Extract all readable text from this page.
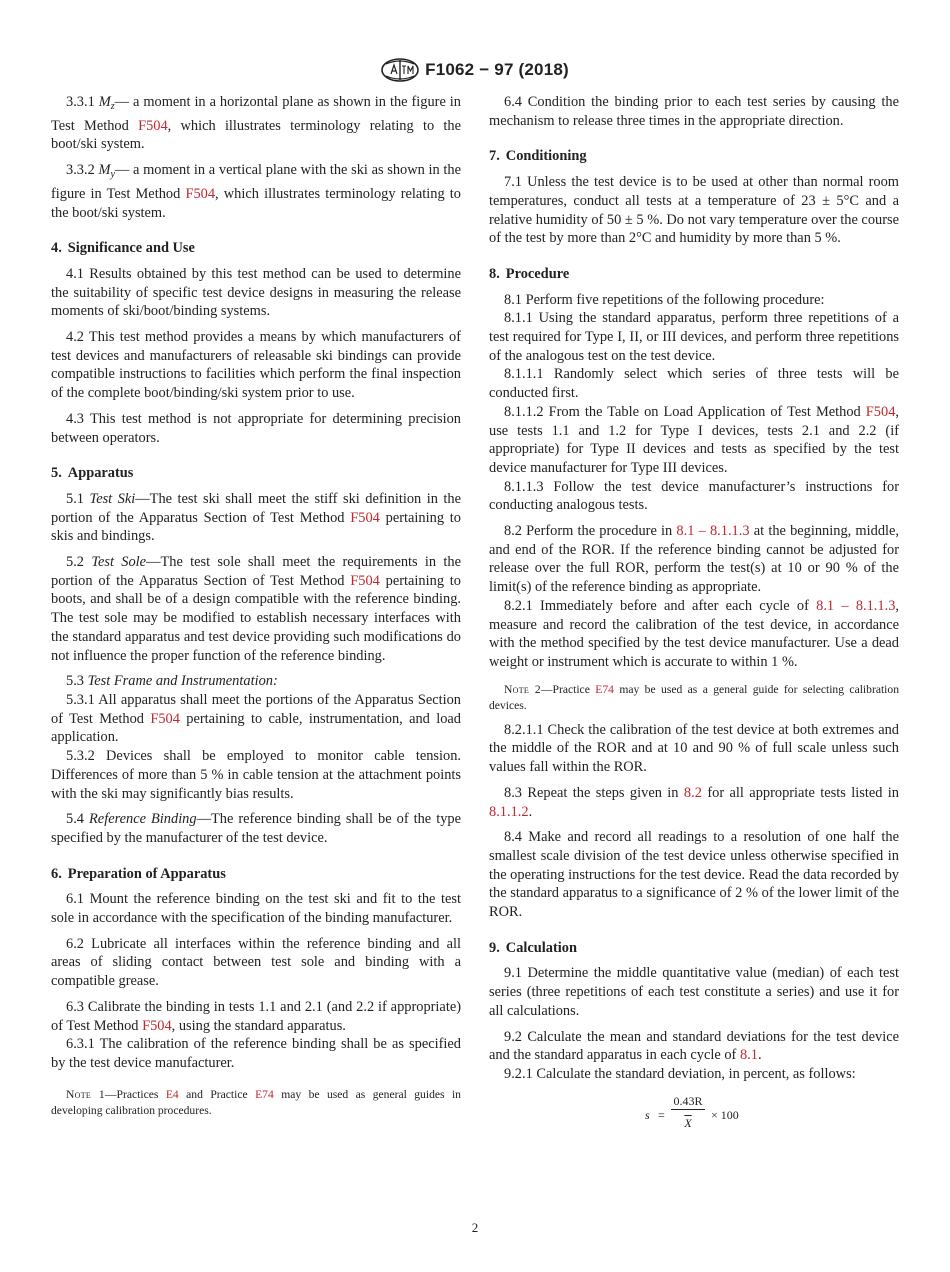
F1062 − 97 (2018)

3.3.1 $M_z—$ a moment in a horizontal plane as shown in the figure in Test Method F504, which illustrates terminology relating to the boot/ski system.

3.3.2 $M_y—$ a moment in a vertical plane with the ski as shown in the figure in Test Method F504, which illustrates terminology relating to the boot/ski system.

4. Significance and Use

4.1 Results obtained by this test method can be used to determine the suitability of specific test device designs in measuring the release moments of ski/boot/binding systems.

4.2 This test method provides a means by which manufacturers of test devices and manufacturers of releasable ski bindings can provide compatible instructions to facilities which perform the final inspection of the complete boot/binding/ski system prior to use.

4.3 This test method is not appropriate for determining precision between operators.

5. Apparatus

5.1 Test Ski—The test ski shall meet the stiff ski definition in the portion of the Apparatus Section of Test Method F504 pertaining to skis and bindings.

5.2 Test Sole—The test sole shall meet the requirements in the portion of the Apparatus Section of Test Method F504 pertaining to boots, and shall be of a design compatible with the reference binding. The test sole may be modified to establish necessary interfaces with the standard apparatus and test device providing such modifications do not influence the proper function of the reference binding.

5.3 Test Frame and Instrumentation:

5.3.1 All apparatus shall meet the portions of the Apparatus Section of Test Method F504 pertaining to cable, instrumentation, and load application.

5.3.2 Devices shall be employed to monitor cable tension. Differences of more than 5 % in cable tension at the attachment points with the ski may significantly bias results.

5.4 Reference Binding—The reference binding shall be of the type specified by the manufacturer of the test device.

6. Preparation of Apparatus

6.1 Mount the reference binding on the test ski and fit to the test sole in accordance with the specification of the binding manufacturer.

6.2 Lubricate all interfaces within the reference binding and all areas of sliding contact between test sole and binding with a compatible grease.

6.3 Calibrate the binding in tests 1.1 and 2.1 (and 2.2 if appropriate) of Test Method F504, using the standard apparatus.

6.3.1 The calibration of the reference binding shall be as specified by the test device manufacturer.

Note 1—Practices E4 and Practice E74 may be used as general guides in developing calibration procedures.

6.4 Condition the binding prior to each test series by causing the mechanism to release three times in the appropriate direction.

7. Conditioning

7.1 Unless the test device is to be used at other than normal room temperatures, conduct all tests at a temperature of 23 ± 5°C and a relative humidity of 50 ± 5 %. Do not vary temperature over the course of the test by more than 2°C and humidity by more than 5 %.

8. Procedure

8.1 Perform five repetitions of the following procedure:

8.1.1 Using the standard apparatus, perform three repetitions of a test required for Type I, II, or III devices, and perform three repetitions of the analogous test on the test device.

8.1.1.1 Randomly select which series of three tests will be conducted first.

8.1.1.2 From the Table on Load Application of Test Method F504, use tests 1.1 and 1.2 for Type I devices, tests 2.1 and 2.2 (if appropriate) for Type II devices and tests as specified by the test device manufacturer for Type III devices.

8.1.1.3 Follow the test device manufacturer’s instructions for conducting analogous tests.

8.2 Perform the procedure in 8.1 – 8.1.1.3 at the beginning, middle, and end of the ROR. If the reference binding cannot be adjusted for release over the full ROR, perform the test(s) at 10 or 90 % of the limit(s) of the reference binding as appropriate.

8.2.1 Immediately before and after each cycle of 8.1 – 8.1.1.3, measure and record the calibration of the test device, in accordance with the method specified by the test device manufacturer. Use a dead weight or instrument which is accurate to within 1 %.

Note 2—Practice E74 may be used as a general guide for selecting calibration devices.

8.2.1.1 Check the calibration of the test device at both extremes and the middle of the ROR and at 10 and 90 % of full scale unless such values fall within the ROR.

8.3 Repeat the steps given in 8.2 for all appropriate tests listed in 8.1.1.2.

8.4 Make and record all readings to a resolution of one half the smallest scale division of the test device unless otherwise specified in the operating instructions for the test device. Read the data recorded by the standard apparatus to a significance of 2 % of the lower limit of the ROR.

9. Calculation

9.1 Determine the middle quantitative value (median) of each test series (three repetitions of each test constitute a series) and use it for all calculations.

9.2 Calculate the mean and standard deviations for the test device and the standard apparatus in each cycle of 8.1.

9.2.1 Calculate the standard deviation, in percent, as follows:

s =
0.43R
$\overline{X}$
× 100
2
